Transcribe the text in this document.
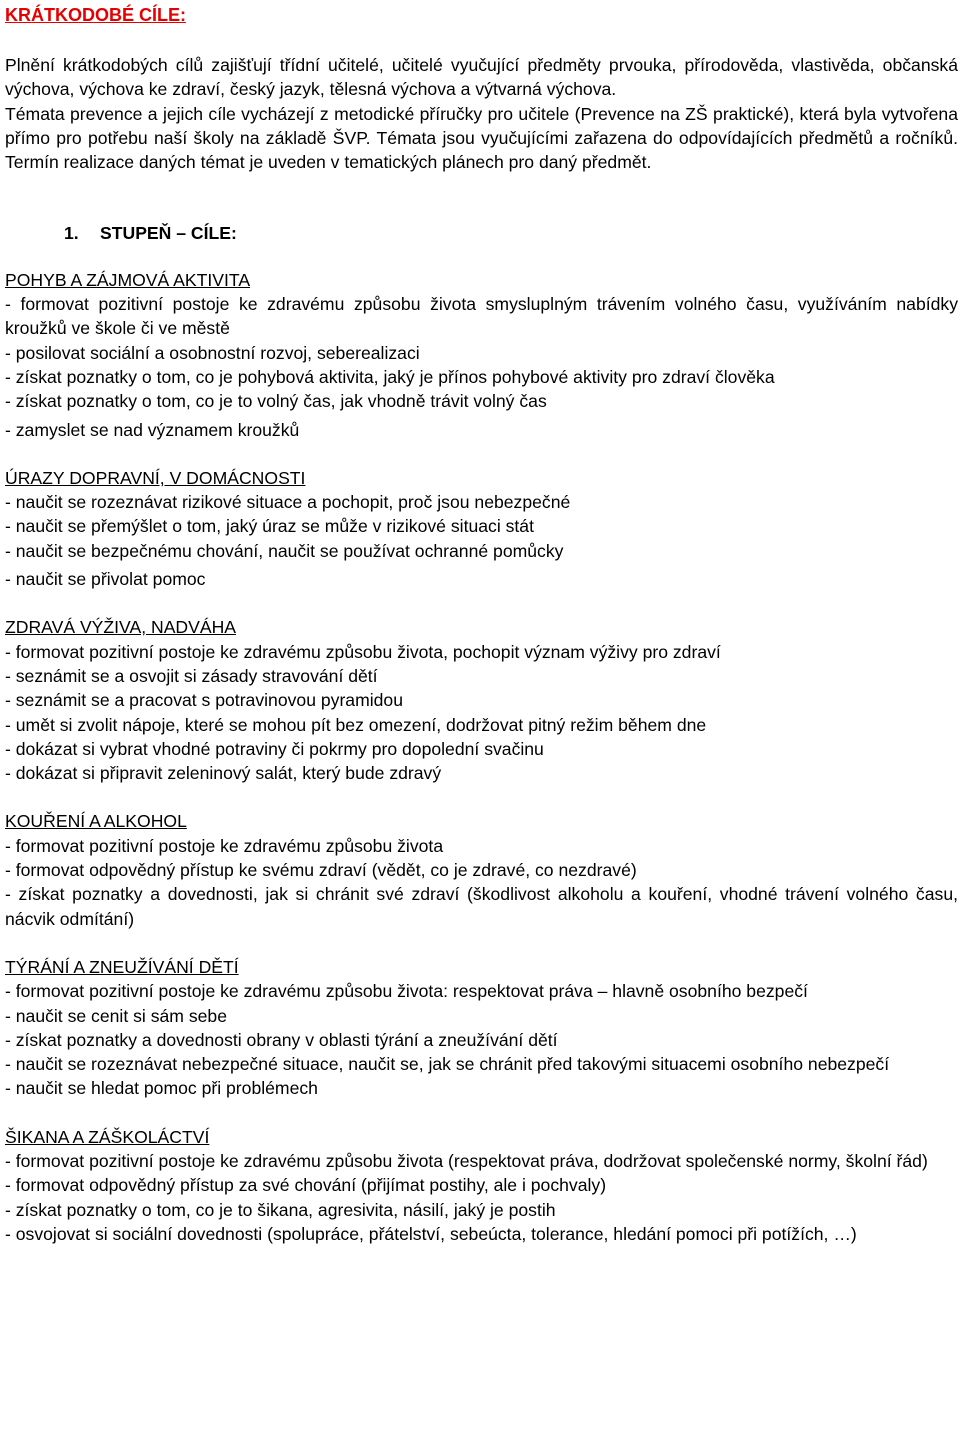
KRÁTKODOBÉ CÍLE:

Plnění krátkodobých cílů zajišťují třídní učitelé, učitelé vyučující předměty prvouka, přírodověda, vlastivěda, občanská výchova, výchova ke zdraví, český jazyk, tělesná výchova a výtvarná výchova.

Témata prevence a jejich cíle vycházejí z metodické příručky pro učitele (Prevence na ZŠ praktické), která byla vytvořena přímo pro potřebu naší školy na základě ŠVP. Témata jsou vyučujícími zařazena do odpovídajících předmětů a ročníků. Termín realizace daných témat je uveden v tematických plánech pro daný předmět.

1. STUPEŇ – CÍLE:

POHYB A ZÁJMOVÁ AKTIVITA

- formovat pozitivní postoje ke zdravému způsobu života smysluplným trávením volného času, využíváním nabídky kroužků ve škole či ve městě

- posilovat sociální a osobnostní rozvoj, seberealizaci

- získat poznatky o tom, co je pohybová aktivita, jaký je přínos pohybové aktivity pro zdraví člověka

- získat poznatky o tom, co je to volný čas, jak vhodně trávit volný čas

- zamyslet se nad významem kroužků

ÚRAZY DOPRAVNÍ, V DOMÁCNOSTI

- naučit se rozeznávat rizikové situace a pochopit, proč jsou nebezpečné

- naučit se přemýšlet o tom, jaký úraz se může v rizikové situaci stát

- naučit se bezpečnému chování, naučit se používat ochranné pomůcky

- naučit se přivolat pomoc

ZDRAVÁ VÝŽIVA, NADVÁHA

- formovat pozitivní postoje ke zdravému způsobu života, pochopit význam výživy pro zdraví

- seznámit se a osvojit si zásady stravování dětí

- seznámit se a pracovat s potravinovou pyramidou

- umět si zvolit nápoje, které se mohou pít bez omezení, dodržovat pitný režim během dne

- dokázat si vybrat vhodné potraviny či pokrmy pro dopolední svačinu

- dokázat si připravit zeleninový salát, který bude zdravý

KOUŘENÍ A ALKOHOL

- formovat pozitivní postoje ke zdravému způsobu života

- formovat odpovědný přístup ke svému zdraví (vědět, co je zdravé, co nezdravé)

- získat poznatky a dovednosti, jak si chránit své zdraví (škodlivost alkoholu a kouření, vhodné trávení volného času, nácvik odmítání)

TÝRÁNÍ A ZNEUŽÍVÁNÍ DĚTÍ

- formovat pozitivní postoje ke zdravému způsobu života: respektovat práva – hlavně osobního bezpečí

- naučit se cenit si sám sebe

- získat poznatky a dovednosti obrany v oblasti týrání a zneužívání dětí

- naučit se rozeznávat nebezpečné situace, naučit se, jak se chránit před takovými situacemi osobního nebezpečí

- naučit se hledat pomoc při problémech

ŠIKANA A ZÁŠKOLÁCTVÍ

- formovat pozitivní postoje ke zdravému způsobu života (respektovat práva, dodržovat společenské normy, školní řád)

- formovat odpovědný přístup za své chování (přijímat postihy, ale i pochvaly)

- získat poznatky o tom, co je to šikana, agresivita, násilí, jaký je postih

- osvojovat si sociální dovednosti (spolupráce, přátelství, sebeúcta, tolerance, hledání pomoci při potížích, …)
